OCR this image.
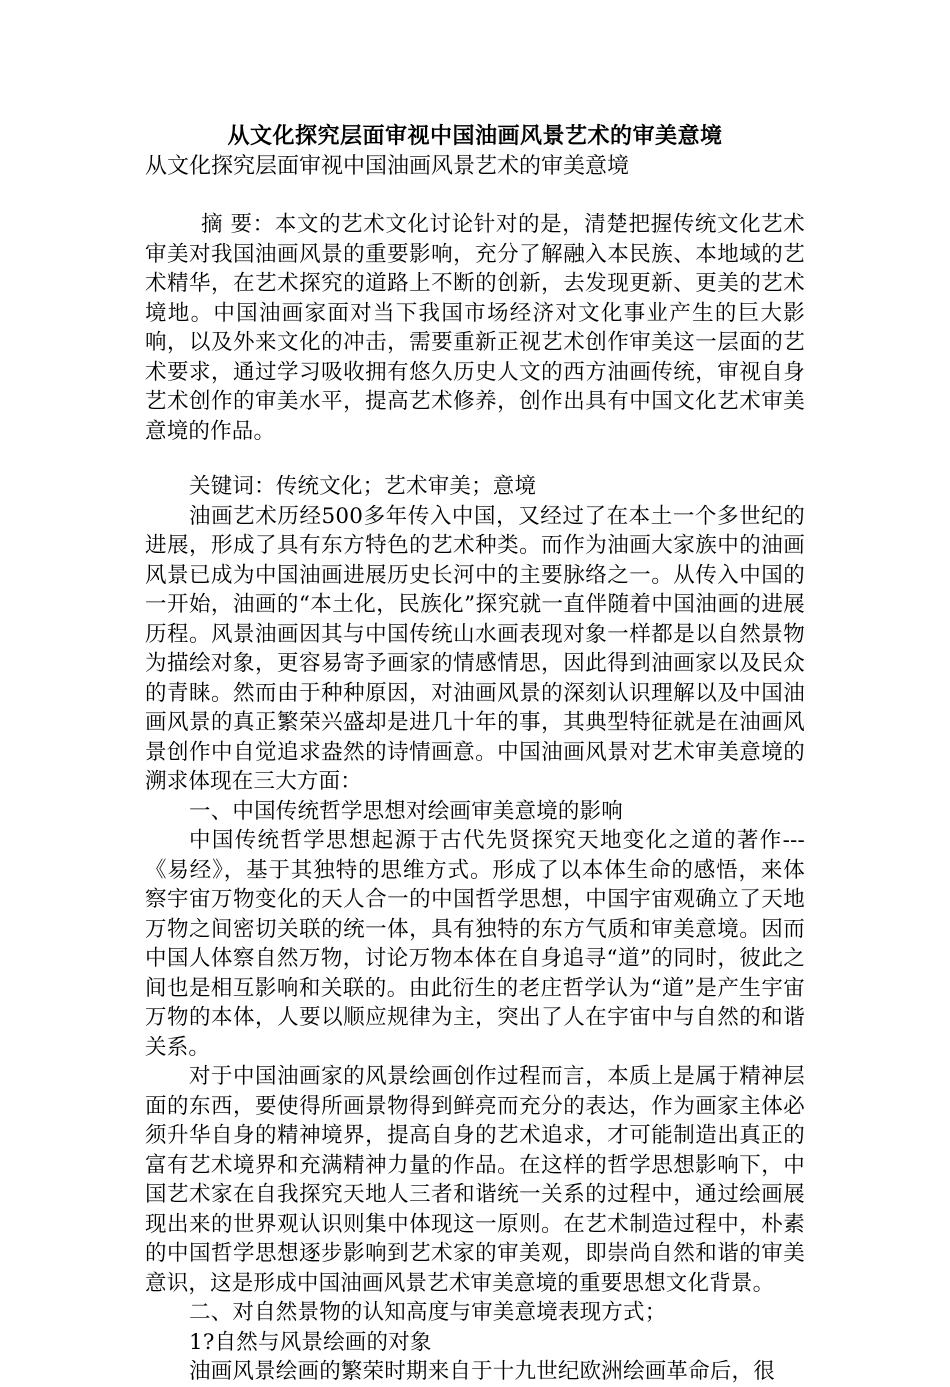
从文化探究层面审视中国油画风景艺术的审美意境
从文化探究层面审视中国油画风景艺术的审美意境

摘 要：本文的艺术文化讨论针对的是，清楚把握传统文化艺术审美对我国油画风景的重要影响，充分了解融入本民族、本地域的艺术精华，在艺术探究的道路上不断的创新，去发现更新、更美的艺术境地。中国油画家面对当下我国市场经济对文化事业产生的巨大影响，以及外来文化的冲击，需要重新正视艺术创作审美这一层面的艺术要求，通过学习吸收拥有悠久历史人文的西方油画传统，审视自身艺术创作的审美水平，提高艺术修养，创作出具有中国文化艺术审美意境的作品。

关键词：传统文化；艺术审美；意境

油画艺术历经500多年传入中国，又经过了在本土一个多世纪的进展，形成了具有东方特色的艺术种类。而作为油画大家族中的油画风景已成为中国油画进展历史长河中的主要脉络之一。从传入中国的一开始，油画的“本土化，民族化”探究就一直伴随着中国油画的进展历程。风景油画因其与中国传统山水画表现对象一样都是以自然景物为描绘对象，更容易寄予画家的情感情思，因此得到油画家以及民众的青睐。然而由于种种原因，对油画风景的深刻认识理解以及中国油画风景的真正繁荣兴盛却是进几十年的事，其典型特征就是在油画风景创作中自觉追求盎然的诗情画意。中国油画风景对艺术审美意境的溯求体现在三大方面：

一、中国传统哲学思想对绘画审美意境的影响

中国传统哲学思想起源于古代先贤探究天地变化之道的著作---《易经》，基于其独特的思维方式。形成了以本体生命的感悟，来体察宇宙万物变化的天人合一的中国哲学思想，中国宇宙观确立了天地万物之间密切关联的统一体，具有独特的东方气质和审美意境。因而中国人体察自然万物，讨论万物本体在自身追寻“道”的同时，彼此之间也是相互影响和关联的。由此衍生的老庄哲学认为“道”是产生宇宙万物的本体，人要以顺应规律为主，突出了人在宇宙中与自然的和谐关系。

对于中国油画家的风景绘画创作过程而言，本质上是属于精神层面的东西，要使得所画景物得到鲜亮而充分的表达，作为画家主体必须升华自身的精神境界，提高自身的艺术追求，才可能制造出真正的富有艺术境界和充满精神力量的作品。在这样的哲学思想影响下，中国艺术家在自我探究天地人三者和谐统一关系的过程中，通过绘画展现出来的世界观认识则集中体现这一原则。在艺术制造过程中，朴素的中国哲学思想逐步影响到艺术家的审美观，即崇尚自然和谐的审美意识，这是形成中国油画风景艺术审美意境的重要思想文化背景。

二、对自然景物的认知高度与审美意境表现方式；

1?自然与风景绘画的对象

油画风景绘画的繁荣时期来自于十九世纪欧洲绘画革命后，很
